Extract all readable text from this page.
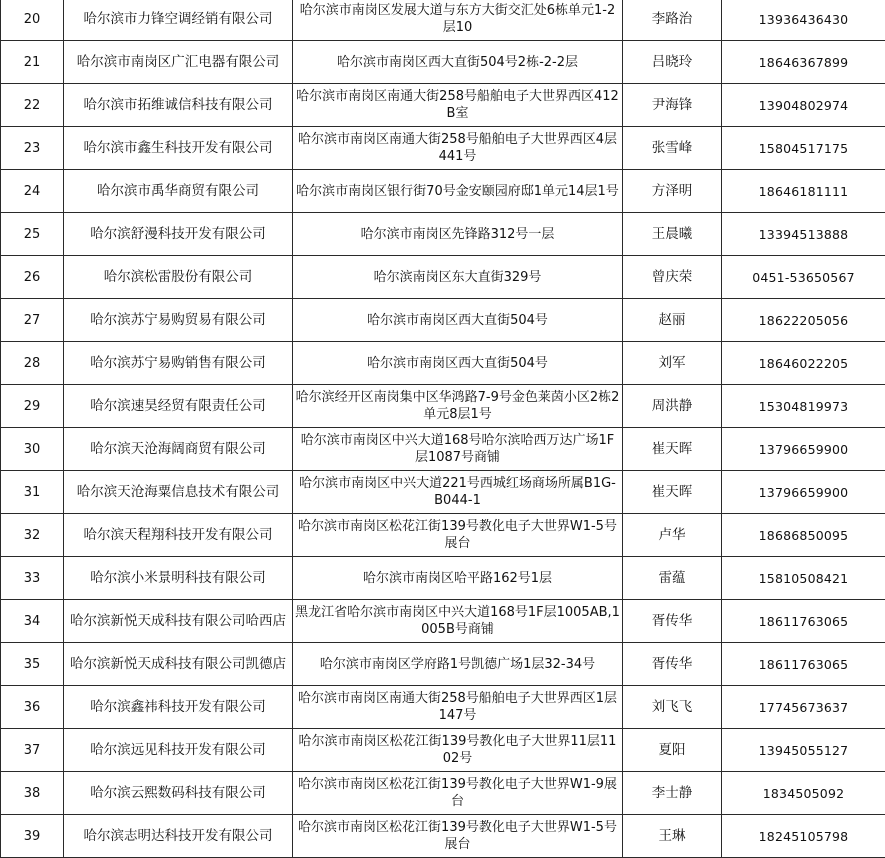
20	哈尔滨市力锋空调经销有限公司	哈尔滨市南岗区发展大道与东方大街交汇处6栋单元1-2层10	李路治	13936436430
21	哈尔滨市南岗区广汇电器有限公司	哈尔滨市南岗区西大直街504号2栋-2-2层	吕晓玲	18646367899
22	哈尔滨市拓维诚信科技有限公司	哈尔滨市南岗区南通大街258号船舶电子大世界西区412B室	尹海锋	13904802974
23	哈尔滨市鑫生科技开发有限公司	哈尔滨市南岗区南通大街258号船舶电子大世界西区4层441号	张雪峰	15804517175
24	哈尔滨市禹华商贸有限公司	哈尔滨市南岗区银行街70号金安颐园府邸1单元14层1号	方泽明	18646181111
25	哈尔滨舒漫科技开发有限公司	哈尔滨市南岗区先锋路312号一层	王晨曦	13394513888
26	哈尔滨松雷股份有限公司	哈尔滨南岗区东大直街329号	曾庆荣	0451-53650567
27	哈尔滨苏宁易购贸易有限公司	哈尔滨市南岗区西大直街504号	赵丽	18622205056
28	哈尔滨苏宁易购销售有限公司	哈尔滨市南岗区西大直街504号	刘军	18646022205
29	哈尔滨速昊经贸有限责任公司	哈尔滨经开区南岗集中区华鸿路7-9号金色莱茵小区2栋2单元8层1号	周洪静	15304819973
30	哈尔滨天沧海阔商贸有限公司	哈尔滨市南岗区中兴大道168号哈尔滨哈西万达广场1F层1087号商铺	崔天晖	13796659900
31	哈尔滨天沧海粟信息技术有限公司	哈尔滨市南岗区中兴大道221号西城红场商场所属B1G-B044-1	崔天晖	13796659900
32	哈尔滨天程翔科技开发有限公司	哈尔滨市南岗区松花江街139号教化电子大世界W1-5号展台	卢华	18686850095
33	哈尔滨小米景明科技有限公司	哈尔滨市南岗区哈平路162号1层	雷蕴	15810508421
34	哈尔滨新悦天成科技有限公司哈西店	黑龙江省哈尔滨市南岗区中兴大道168号1F层1005AB,1005B号商铺	胥传华	18611763065
35	哈尔滨新悦天成科技有限公司凯德店	哈尔滨市南岗区学府路1号凯德广场1层32-34号	胥传华	18611763065
36	哈尔滨鑫祎科技开发有限公司	哈尔滨市南岗区南通大街258号船舶电子大世界西区1层147号	刘飞飞	17745673637
37	哈尔滨远见科技开发有限公司	哈尔滨市南岗区松花江街139号教化电子大世界11层1102号	夏阳	13945055127
38	哈尔滨云熙数码科技有限公司	哈尔滨市南岗区松花江街139号教化电子大世界W1-9展台	李士静	1834505092
39	哈尔滨志明达科技开发有限公司	哈尔滨市南岗区松花江街139号教化电子大世界W1-5号展台	王琳	18245105798
